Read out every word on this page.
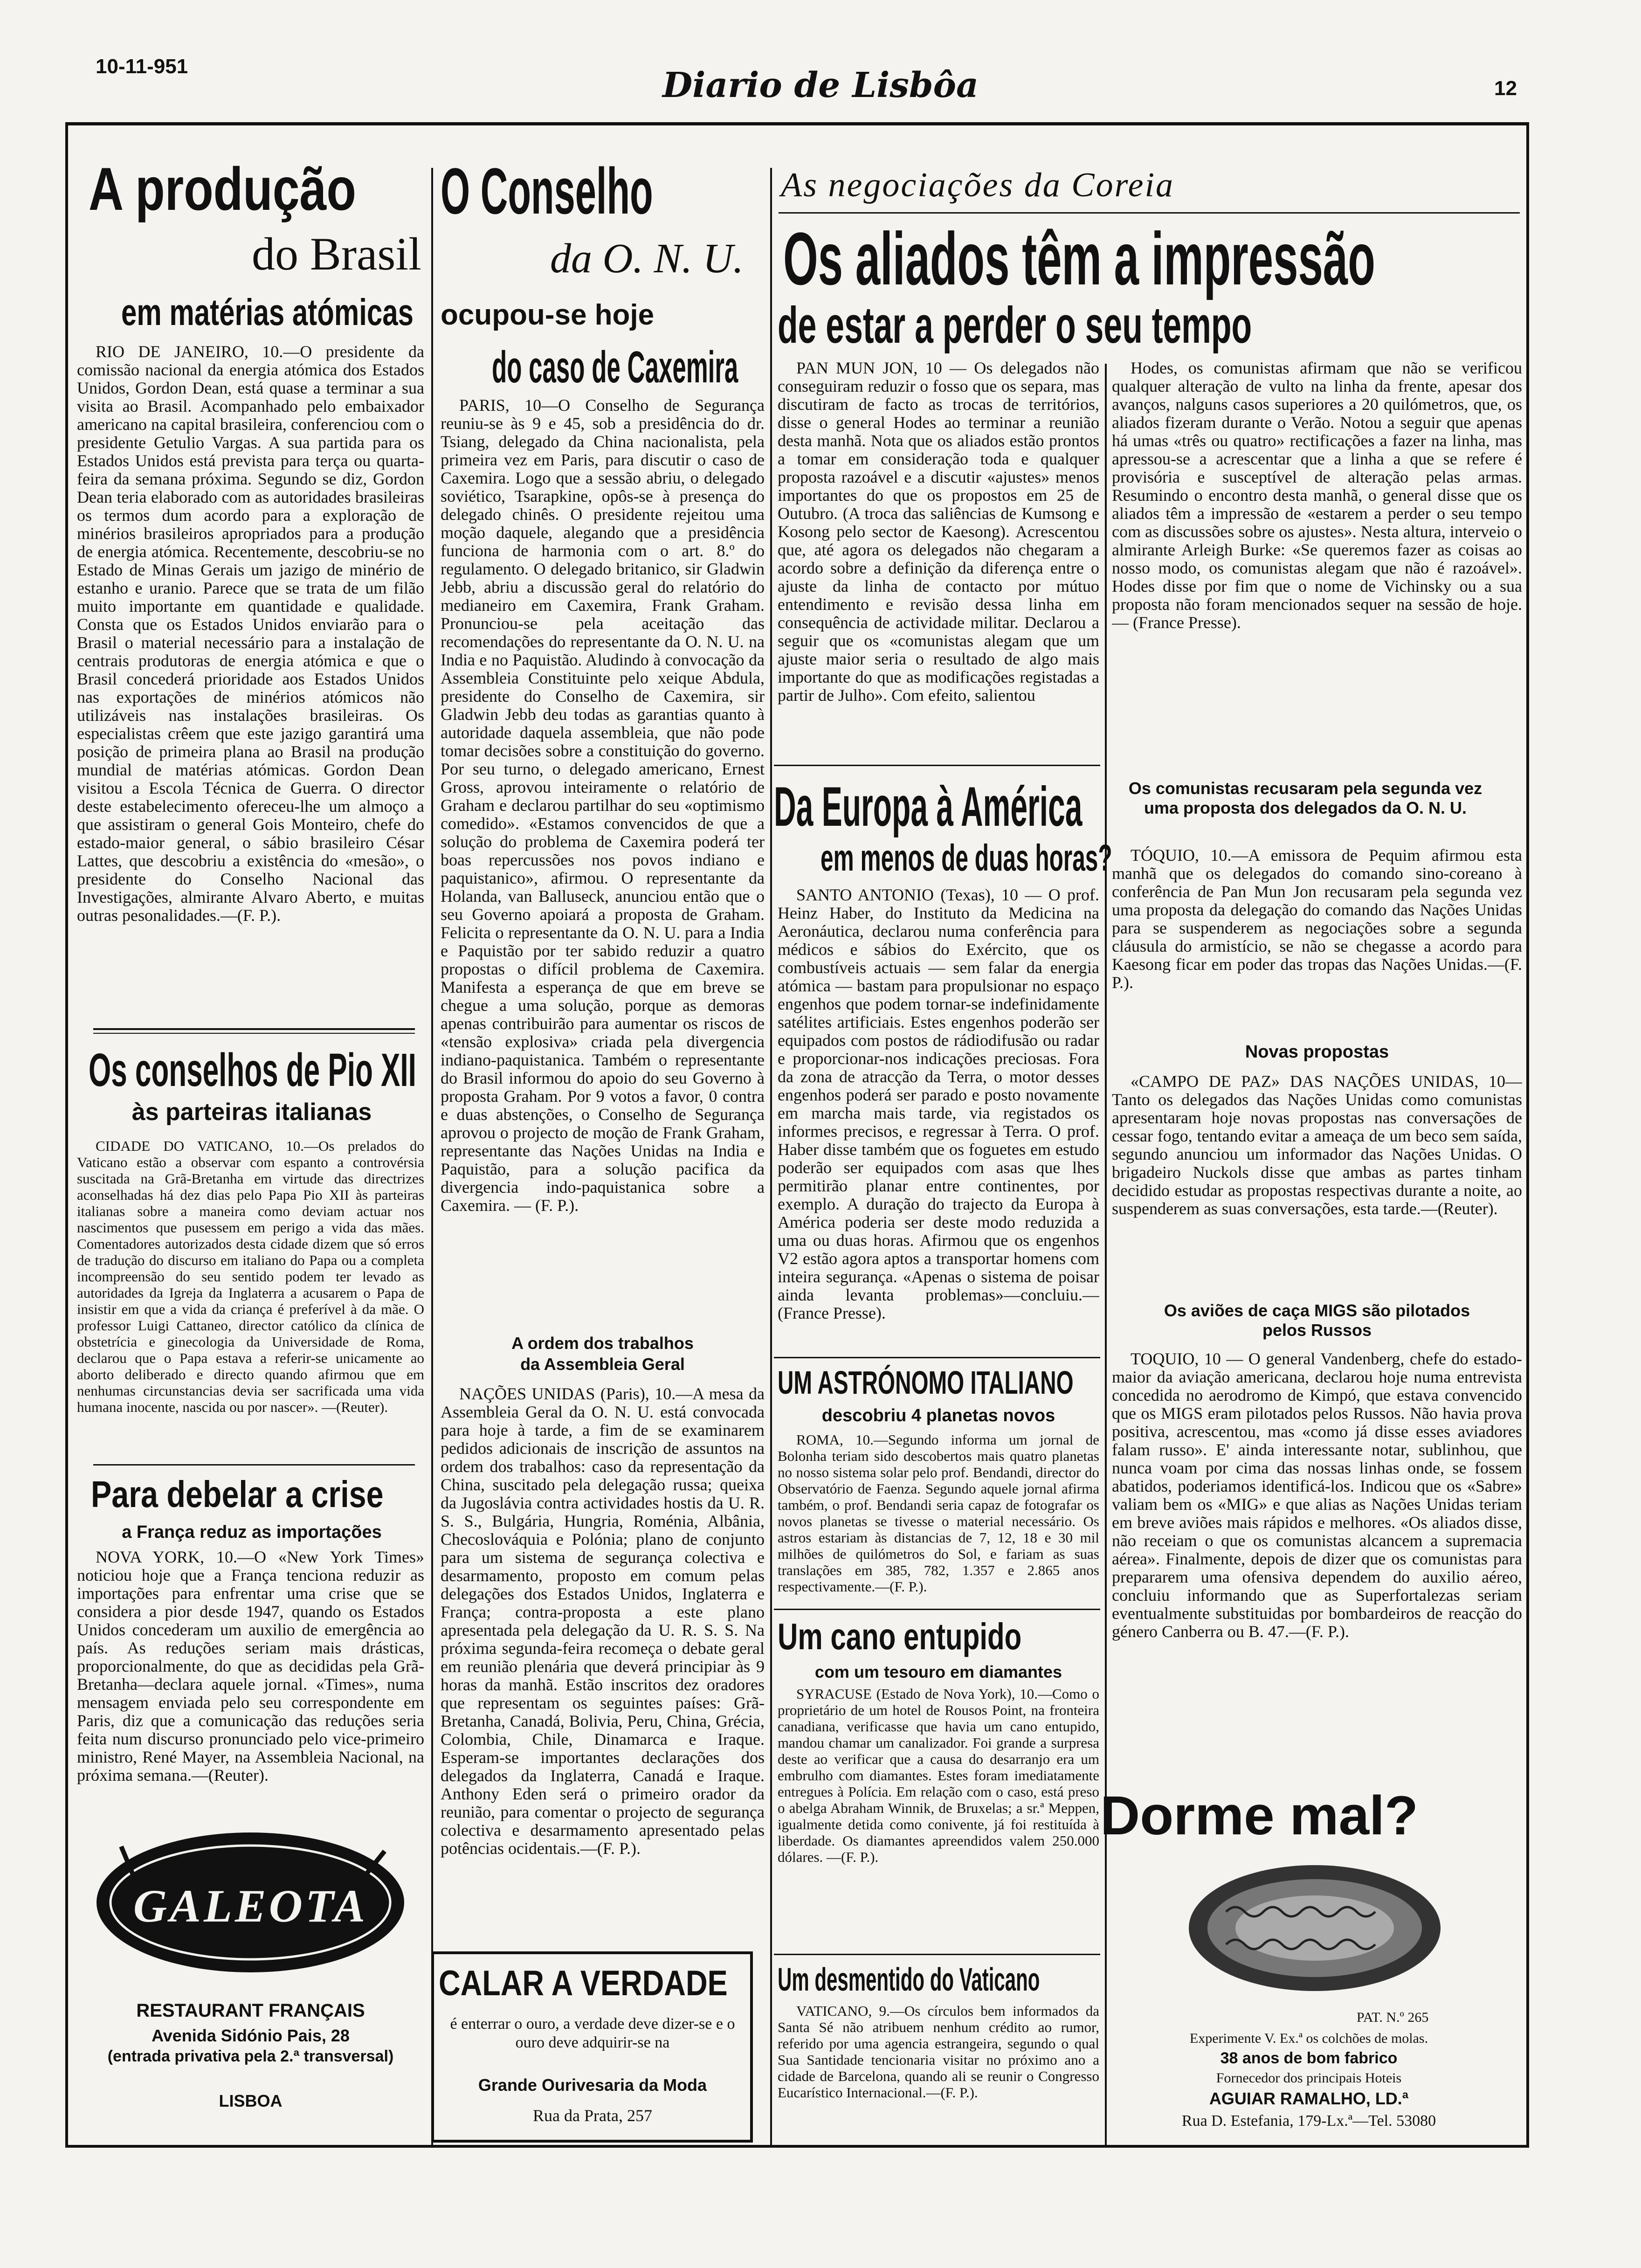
10-11-951	Diario de Lisbôa	12
A produção
do Brasil
em matérias atómicas
RIO DE JANEIRO, 10.—O presidente da comissão nacional da energia atómica dos Estados Unidos, Gordon Dean, está quase a terminar a sua visita ao Brasil. Acompanhado pelo embaixador americano na capital brasileira, conferenciou com o presidente Getulio Vargas. A sua partida para os Estados Unidos está prevista para terça ou quarta-feira da semana próxima. Segundo se diz, Gordon Dean teria elaborado com as autoridades brasileiras os termos dum acordo para a exploração de minérios brasileiros apropriados para a produção de energia atómica. Recentemente, descobriu-se no Estado de Minas Gerais um jazigo de minério de estanho e uranio. Parece que se trata de um filão muito importante em quantidade e qualidade. Consta que os Estados Unidos enviarão para o Brasil o material necessário para a instalação de centrais produtoras de energia atómica e que o Brasil concederá prioridade aos Estados Unidos nas exportações de minérios atómicos não utilizáveis nas instalações brasileiras. Os especialistas crêem que este jazigo garantirá uma posição de primeira plana ao Brasil na produção mundial de matérias atómicas. Gordon Dean visitou a Escola Técnica de Guerra. O director deste estabelecimento ofereceu-lhe um almoço a que assistiram o general Gois Monteiro, chefe do estado-maior general, o sábio brasileiro César Lattes, que descobriu a existência do «mesão», o presidente do Conselho Nacional das Investigações, almirante Alvaro Aberto, e muitas outras pesonalidades.—(F. P.).
Os conselhos de Pio XII
às parteiras italianas
CIDADE DO VATICANO, 10.—Os prelados do Vaticano estão a observar com espanto a controvérsia suscitada na Grã-Bretanha em virtude das directrizes aconselhadas há dez dias pelo Papa Pio XII às parteiras italianas sobre a maneira como deviam actuar nos nascimentos que pusessem em perigo a vida das mães. Comentadores autorizados desta cidade dizem que só erros de tradução do discurso em italiano do Papa ou a completa incompreensão do seu sentido podem ter levado as autoridades da Igreja da Inglaterra a acusarem o Papa de insistir em que a vida da criança é preferível à da mãe. O professor Luigi Cattaneo, director católico da clínica de obstetrícia e ginecologia da Universidade de Roma, declarou que o Papa estava a referir-se unicamente ao aborto deliberado e directo quando afirmou que em nenhumas circunstancias devia ser sacrificada uma vida humana inocente, nascida ou por nascer». —(Reuter).
Para debelar a crise
a França reduz as importações
NOVA YORK, 10.—O «New York Times» noticiou hoje que a França tenciona reduzir as importações para enfrentar uma crise que se considera a pior desde 1947, quando os Estados Unidos concederam um auxilio de emergência ao país. As reduções seriam mais drásticas, proporcionalmente, do que as decididas pela Grã-Bretanha—declara aquele jornal. «Times», numa mensagem enviada pelo seu correspondente em Paris, diz que a comunicação das reduções seria feita num discurso pronunciado pelo vice-primeiro ministro, René Mayer, na Assembleia Nacional, na próxima semana.—(Reuter).
GALEOTA
RESTAURANT FRANÇAIS
Avenida Sidónio Pais, 28
(entrada privativa pela 2.ª transversal)
LISBOA
O Conselho
da O. N. U.
ocupou-se hoje
do caso de Caxemira
PARIS, 10—O Conselho de Segurança reuniu-se às 9 e 45, sob a presidência do dr. Tsiang, delegado da China nacionalista, pela primeira vez em Paris, para discutir o caso de Caxemira. Logo que a sessão abriu, o delegado soviético, Tsarapkine, opôs-se à presença do delegado chinês. O presidente rejeitou uma moção daquele, alegando que a presidência funciona de harmonia com o art. 8.º do regulamento. O delegado britanico, sir Gladwin Jebb, abriu a discussão geral do relatório do medianeiro em Caxemira, Frank Graham. Pronunciou-se pela aceitação das recomendações do representante da O. N. U. na India e no Paquistão. Aludindo à convocação da Assembleia Constituinte pelo xeique Abdula, presidente do Conselho de Caxemira, sir Gladwin Jebb deu todas as garantias quanto à autoridade daquela assembleia, que não pode tomar decisões sobre a constituição do governo. Por seu turno, o delegado americano, Ernest Gross, aprovou inteiramente o relatório de Graham e declarou partilhar do seu «optimismo comedido». «Estamos convencidos de que a solução do problema de Caxemira poderá ter boas repercussões nos povos indiano e paquistanico», afirmou. O representante da Holanda, van Balluseck, anunciou então que o seu Governo apoiará a proposta de Graham. Felicita o representante da O. N. U. para a India e Paquistão por ter sabido reduzir a quatro propostas o difícil problema de Caxemira. Manifesta a esperança de que em breve se chegue a uma solução, porque as demoras apenas contribuirão para aumentar os riscos de «tensão explosiva» criada pela divergencia indiano-paquistanica. Também o representante do Brasil informou do apoio do seu Governo à proposta Graham. Por 9 votos a favor, 0 contra e duas abstenções, o Conselho de Segurança aprovou o projecto de moção de Frank Graham, representante das Nações Unidas na India e Paquistão, para a solução pacifica da divergencia indo-paquistanica sobre a Caxemira. — (F. P.).
A ordem dos trabalhos
da Assembleia Geral
NAÇÕES UNIDAS (Paris), 10.—A mesa da Assembleia Geral da O. N. U. está convocada para hoje à tarde, a fim de se examinarem pedidos adicionais de inscrição de assuntos na ordem dos trabalhos: caso da representação da China, suscitado pela delegação russa; queixa da Jugoslávia contra actividades hostis da U. R. S. S., Bulgária, Hungria, Roménia, Albânia, Checoslováquia e Polónia; plano de conjunto para um sistema de segurança colectiva e desarmamento, proposto em comum pelas delegações dos Estados Unidos, Inglaterra e França; contra-proposta a este plano apresentada pela delegação da U. R. S. S. Na próxima segunda-feira recomeça o debate geral em reunião plenária que deverá principiar às 9 horas da manhã. Estão inscritos dez oradores que representam os seguintes países: Grã-Bretanha, Canadá, Bolivia, Peru, China, Grécia, Colombia, Chile, Dinamarca e Iraque. Esperam-se importantes declarações dos delegados da Inglaterra, Canadá e Iraque. Anthony Eden será o primeiro orador da reunião, para comentar o projecto de segurança colectiva e desarmamento apresentado pelas potências ocidentais.—(F. P.).
CALAR A VERDADE
é enterrar o ouro, a verdade deve dizer-se e o ouro deve adquirir-se na
Grande Ourivesaria da Moda
Rua da Prata, 257
As negociações da Coreia
Os aliados têm a impressão
de estar a perder o seu tempo
PAN MUN JON, 10 — Os delegados não conseguiram reduzir o fosso que os separa, mas discutiram de facto as trocas de territórios, disse o general Hodes ao terminar a reunião desta manhã. Nota que os aliados estão prontos a tomar em consideração toda e qualquer proposta razoável e a discutir «ajustes» menos importantes do que os propostos em 25 de Outubro. (A troca das saliências de Kumsong e Kosong pelo sector de Kaesong). Acrescentou que, até agora os delegados não chegaram a acordo sobre a definição da diferença entre o ajuste da linha de contacto por mútuo entendimento e revisão dessa linha em consequência de actividade militar. Declarou a seguir que os «comunistas alegam que um ajuste maior seria o resultado de algo mais importante do que as modificações registadas a partir de Julho». Com efeito, salientou
Da Europa à América
em menos de duas horas?
SANTO ANTONIO (Texas), 10 — O prof. Heinz Haber, do Instituto da Medicina na Aeronáutica, declarou numa conferência para médicos e sábios do Exército, que os combustíveis actuais — sem falar da energia atómica — bastam para propulsionar no espaço engenhos que podem tornar-se indefinidamente satélites artificiais. Estes engenhos poderão ser equipados com postos de rádiodifusão ou radar e proporcionar-nos indicações preciosas. Fora da zona de atracção da Terra, o motor desses engenhos poderá ser parado e posto novamente em marcha mais tarde, via registados os informes precisos, e regressar à Terra. O prof. Haber disse também que os foguetes em estudo poderão ser equipados com asas que lhes permitirão planar entre continentes, por exemplo. A duração do trajecto da Europa à América poderia ser deste modo reduzida a uma ou duas horas. Afirmou que os engenhos V2 estão agora aptos a transportar homens com inteira segurança. «Apenas o sistema de poisar ainda levanta problemas»—concluiu.— (France Presse).
UM ASTRÓNOMO ITALIANO
descobriu 4 planetas novos
ROMA, 10.—Segundo informa um jornal de Bolonha teriam sido descobertos mais quatro planetas no nosso sistema solar pelo prof. Bendandi, director do Observatório de Faenza. Segundo aquele jornal afirma também, o prof. Bendandi seria capaz de fotografar os novos planetas se tivesse o material necessário. Os astros estariam às distancias de 7, 12, 18 e 30 mil milhões de quilómetros do Sol, e fariam as suas translações em 385, 782, 1.357 e 2.865 anos respectivamente.—(F. P.).
Um cano entupido
com um tesouro em diamantes
SYRACUSE (Estado de Nova York), 10.—Como o proprietário de um hotel de Rousos Point, na fronteira canadiana, verificasse que havia um cano entupido, mandou chamar um canalizador. Foi grande a surpresa deste ao verificar que a causa do desarranjo era um embrulho com diamantes. Estes foram imediatamente entregues à Polícia. Em relação com o caso, está preso o abelga Abraham Winnik, de Bruxelas; a sr.ª Meppen, igualmente detida como conivente, já foi restituída à liberdade. Os diamantes apreendidos valem 250.000 dólares. —(F. P.).
Um desmentido do Vaticano
VATICANO, 9.—Os círculos bem informados da Santa Sé não atribuem nenhum crédito ao rumor, referido por uma agencia estrangeira, segundo o qual Sua Santidade tencionaria visitar no próximo ano a cidade de Barcelona, quando ali se reunir o Congresso Eucarístico Internacional.—(F. P.).
Hodes, os comunistas afirmam que não se verificou qualquer alteração de vulto na linha da frente, apesar dos avanços, nalguns casos superiores a 20 quilómetros, que, os aliados fizeram durante o Verão. Notou a seguir que apenas há umas «três ou quatro» rectificações a fazer na linha, mas apressou-se a acrescentar que a linha a que se refere é provisória e susceptível de alteração pelas armas. Resumindo o encontro desta manhã, o general disse que os aliados têm a impressão de «estarem a perder o seu tempo com as discussões sobre os ajustes». Nesta altura, interveio o almirante Arleigh Burke: «Se queremos fazer as coisas ao nosso modo, os comunistas alegam que não é razoável». Hodes disse por fim que o nome de Vichinsky ou a sua proposta não foram mencionados sequer na sessão de hoje. — (France Presse).
Os comunistas recusaram pela segunda vez uma proposta dos delegados da O. N. U.
TÓQUIO, 10.—A emissora de Pequim afirmou esta manhã que os delegados do comando sino-coreano à conferência de Pan Mun Jon recusaram pela segunda vez uma proposta da delegação do comando das Nações Unidas para se suspenderem as negociações sobre a segunda cláusula do armistício, se não se chegasse a acordo para Kaesong ficar em poder das tropas das Nações Unidas.—(F. P.).
Novas propostas
«CAMPO DE PAZ» DAS NAÇÕES UNIDAS, 10—Tanto os delegados das Nações Unidas como comunistas apresentaram hoje novas propostas nas conversações de cessar fogo, tentando evitar a ameaça de um beco sem saída, segundo anunciou um informador das Nações Unidas. O brigadeiro Nuckols disse que ambas as partes tinham decidido estudar as propostas respectivas durante a noite, ao suspenderem as suas conversações, esta tarde.—(Reuter).
Os aviões de caça MIGS são pilotados pelos Russos
TOQUIO, 10 — O general Vandenberg, chefe do estado-maior da aviação americana, declarou hoje numa entrevista concedida no aerodromo de Kimpó, que estava convencido que os MIGS eram pilotados pelos Russos. Não havia prova positiva, acrescentou, mas «como já disse esses aviadores falam russo». E' ainda interessante notar, sublinhou, que nunca voam por cima das nossas linhas onde, se fossem abatidos, poderiamos identificá-los. Indicou que os «Sabre» valiam bem os «MIG» e que alias as Nações Unidas teriam em breve aviões mais rápidos e melhores. «Os aliados disse, não receiam o que os comunistas alcancem a supremacia aérea». Finalmente, depois de dizer que os comunistas para prepararem uma ofensiva dependem do auxilio aéreo, concluiu informando que as Superfortalezas seriam eventualmente substituidas por bombardeiros de reacção do género Canberra ou B. 47.—(F. P.).
Dorme mal?
PAT. N.º 265
Experimente V. Ex.ª os colchões de molas.
38 anos de bom fabrico
Fornecedor dos principais Hoteis
AGUIAR RAMALHO, LD.ª
Rua D. Estefania, 179-Lx.ª—Tel. 53080
